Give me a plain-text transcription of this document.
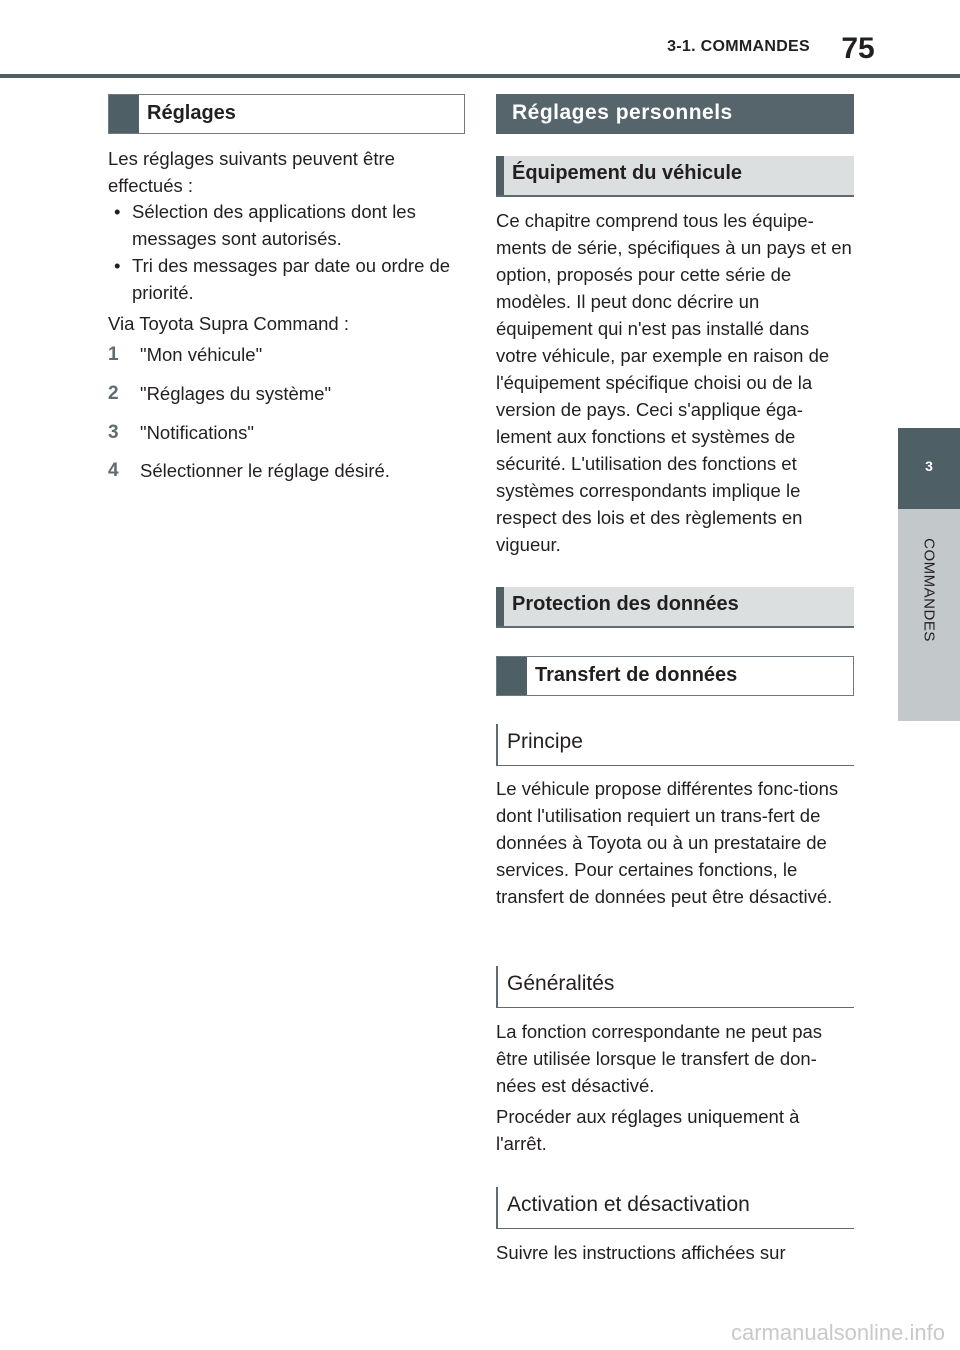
3-1. COMMANDES	75
3
COMMANDES
Réglages

Les réglages suivants peuvent être effectués :

• Sélection des applications dont les messages sont autorisés.

• Tri des messages par date ou ordre de priorité.

Via Toyota Supra Command :

1 "Mon véhicule"
2 "Réglages du système"
3 "Notifications"
4 Sélectionner le réglage désiré.
Réglages personnels
Équipement du véhicule

Ce chapitre comprend tous les équipe-ments de série, spécifiques à un pays et en option, proposés pour cette série de modèles. Il peut donc décrire un équipement qui n'est pas installé dans votre véhicule, par exemple en raison de l'équipement spécifique choisi ou de la version de pays. Ceci s'applique éga-lement aux fonctions et systèmes de sécurité. L'utilisation des fonctions et systèmes correspondants implique le respect des lois et des règlements en vigueur.

Protection des données
Transfert de données
Principe

Le véhicule propose différentes fonc-tions dont l'utilisation requiert un trans-fert de données à Toyota ou à un prestataire de services. Pour certaines fonctions, le transfert de données peut être désactivé.

Généralités

La fonction correspondante ne peut pas être utilisée lorsque le transfert de don-nées est désactivé.

Procéder aux réglages uniquement à l'arrêt.

Activation et désactivation

Suivre les instructions affichées sur

carmanualsonline.info
